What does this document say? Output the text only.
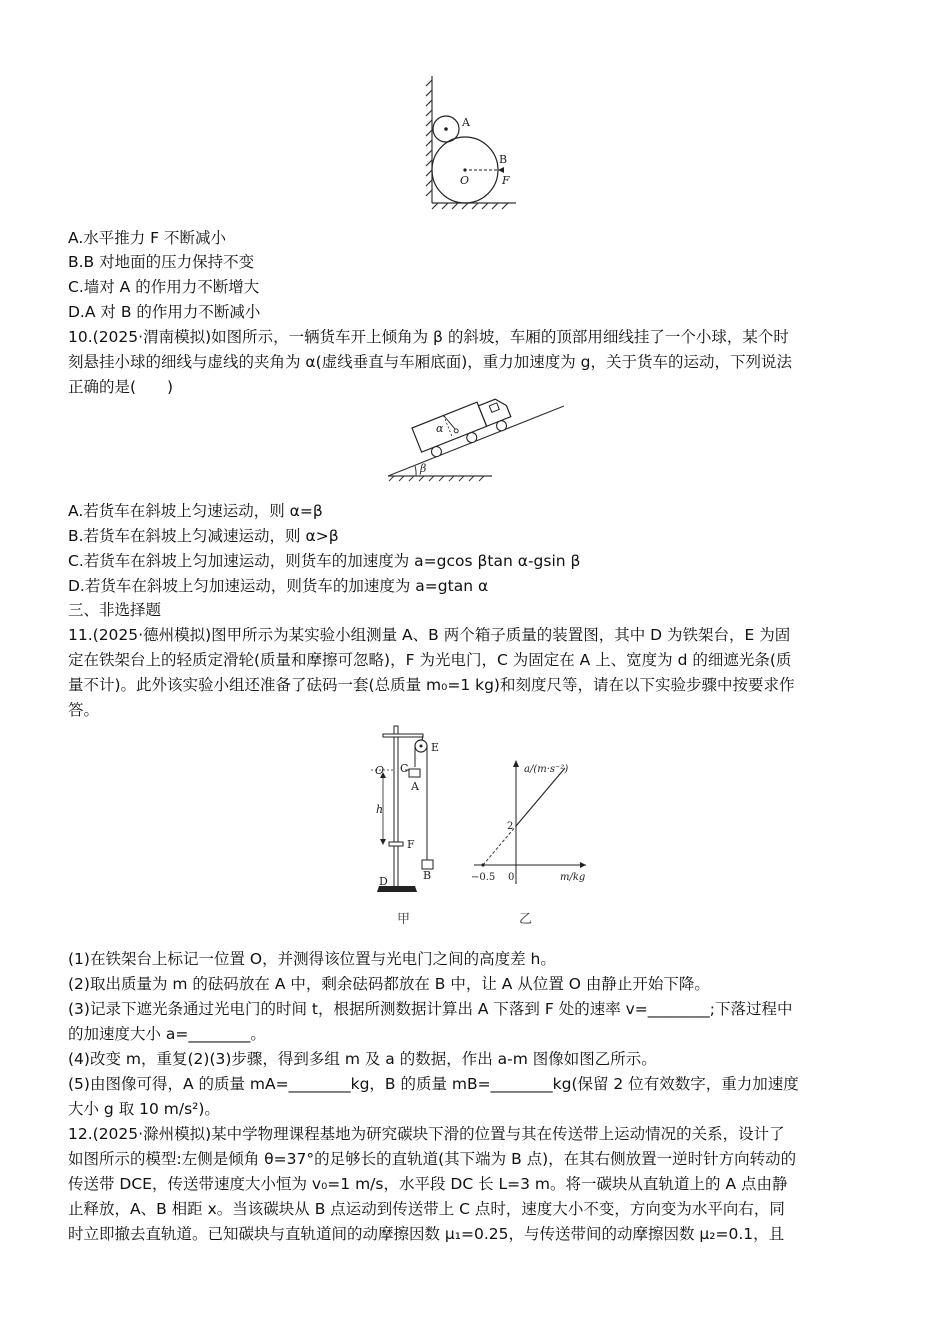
A
B
O	F
A.水平推力 F 不断减小
B.B 对地面的压力保持不变
C.墙对 A 的作用力不断增大
D.A 对 B 的作用力不断减小
10.(2025·渭南模拟)如图所示，一辆货车开上倾角为 β 的斜坡，车厢的顶部用细线挂了一个小球，某个时
刻悬挂小球的细线与虚线的夹角为 α(虚线垂直与车厢底面)，重力加速度为 g，关于货车的运动，下列说法
正确的是(　　)
α
β
A.若货车在斜坡上匀速运动，则 α=β
B.若货车在斜坡上匀减速运动，则 α>β
C.若货车在斜坡上匀加速运动，则货车的加速度为 a=gcos βtan α-gsin β
D.若货车在斜坡上匀加速运动，则货车的加速度为 a=gtan α
三、非选择题
11.(2025·德州模拟)图甲所示为某实验小组测量 A、B 两个箱子质量的装置图，其中 D 为铁架台，E 为固
定在铁架台上的轻质定滑轮(质量和摩擦可忽略)，F 为光电门，C 为固定在 A 上、宽度为 d 的细遮光条(质
量不计)。此外该实验小组还准备了砝码一套(总质量 m₀=1 kg)和刻度尺等，请在以下实验步骤中按要求作
答。
O C
E
A
h
F
B
D
甲
a/(m·s⁻²)
m/kg
2
−0.5 0
乙
(1)在铁架台上标记一位置 O，并测得该位置与光电门之间的高度差 h。
(2)取出质量为 m 的砝码放在 A 中，剩余砝码都放在 B 中，让 A 从位置 O 由静止开始下降。
(3)记录下遮光条通过光电门的时间 t，根据所测数据计算出 A 下落到 F 处的速率 v=________;下落过程中
的加速度大小 a=________。
(4)改变 m，重复(2)(3)步骤，得到多组 m 及 a 的数据，作出 a-m 图像如图乙所示。
(5)由图像可得，A 的质量 mA=________kg，B 的质量 mB=________kg(保留 2 位有效数字，重力加速度
大小 g 取 10 m/s²)。
12.(2025·滁州模拟)某中学物理课程基地为研究碳块下滑的位置与其在传送带上运动情况的关系，设计了
如图所示的模型:左侧是倾角 θ=37°的足够长的直轨道(其下端为 B 点)，在其右侧放置一逆时针方向转动的
传送带 DCE，传送带速度大小恒为 v₀=1 m/s，水平段 DC 长 L=3 m。将一碳块从直轨道上的 A 点由静
止释放，A、B 相距 x。当该碳块从 B 点运动到传送带上 C 点时，速度大小不变，方向变为水平向右，同
时立即撤去直轨道。已知碳块与直轨道间的动摩擦因数 μ₁=0.25，与传送带间的动摩擦因数 μ₂=0.1，且
